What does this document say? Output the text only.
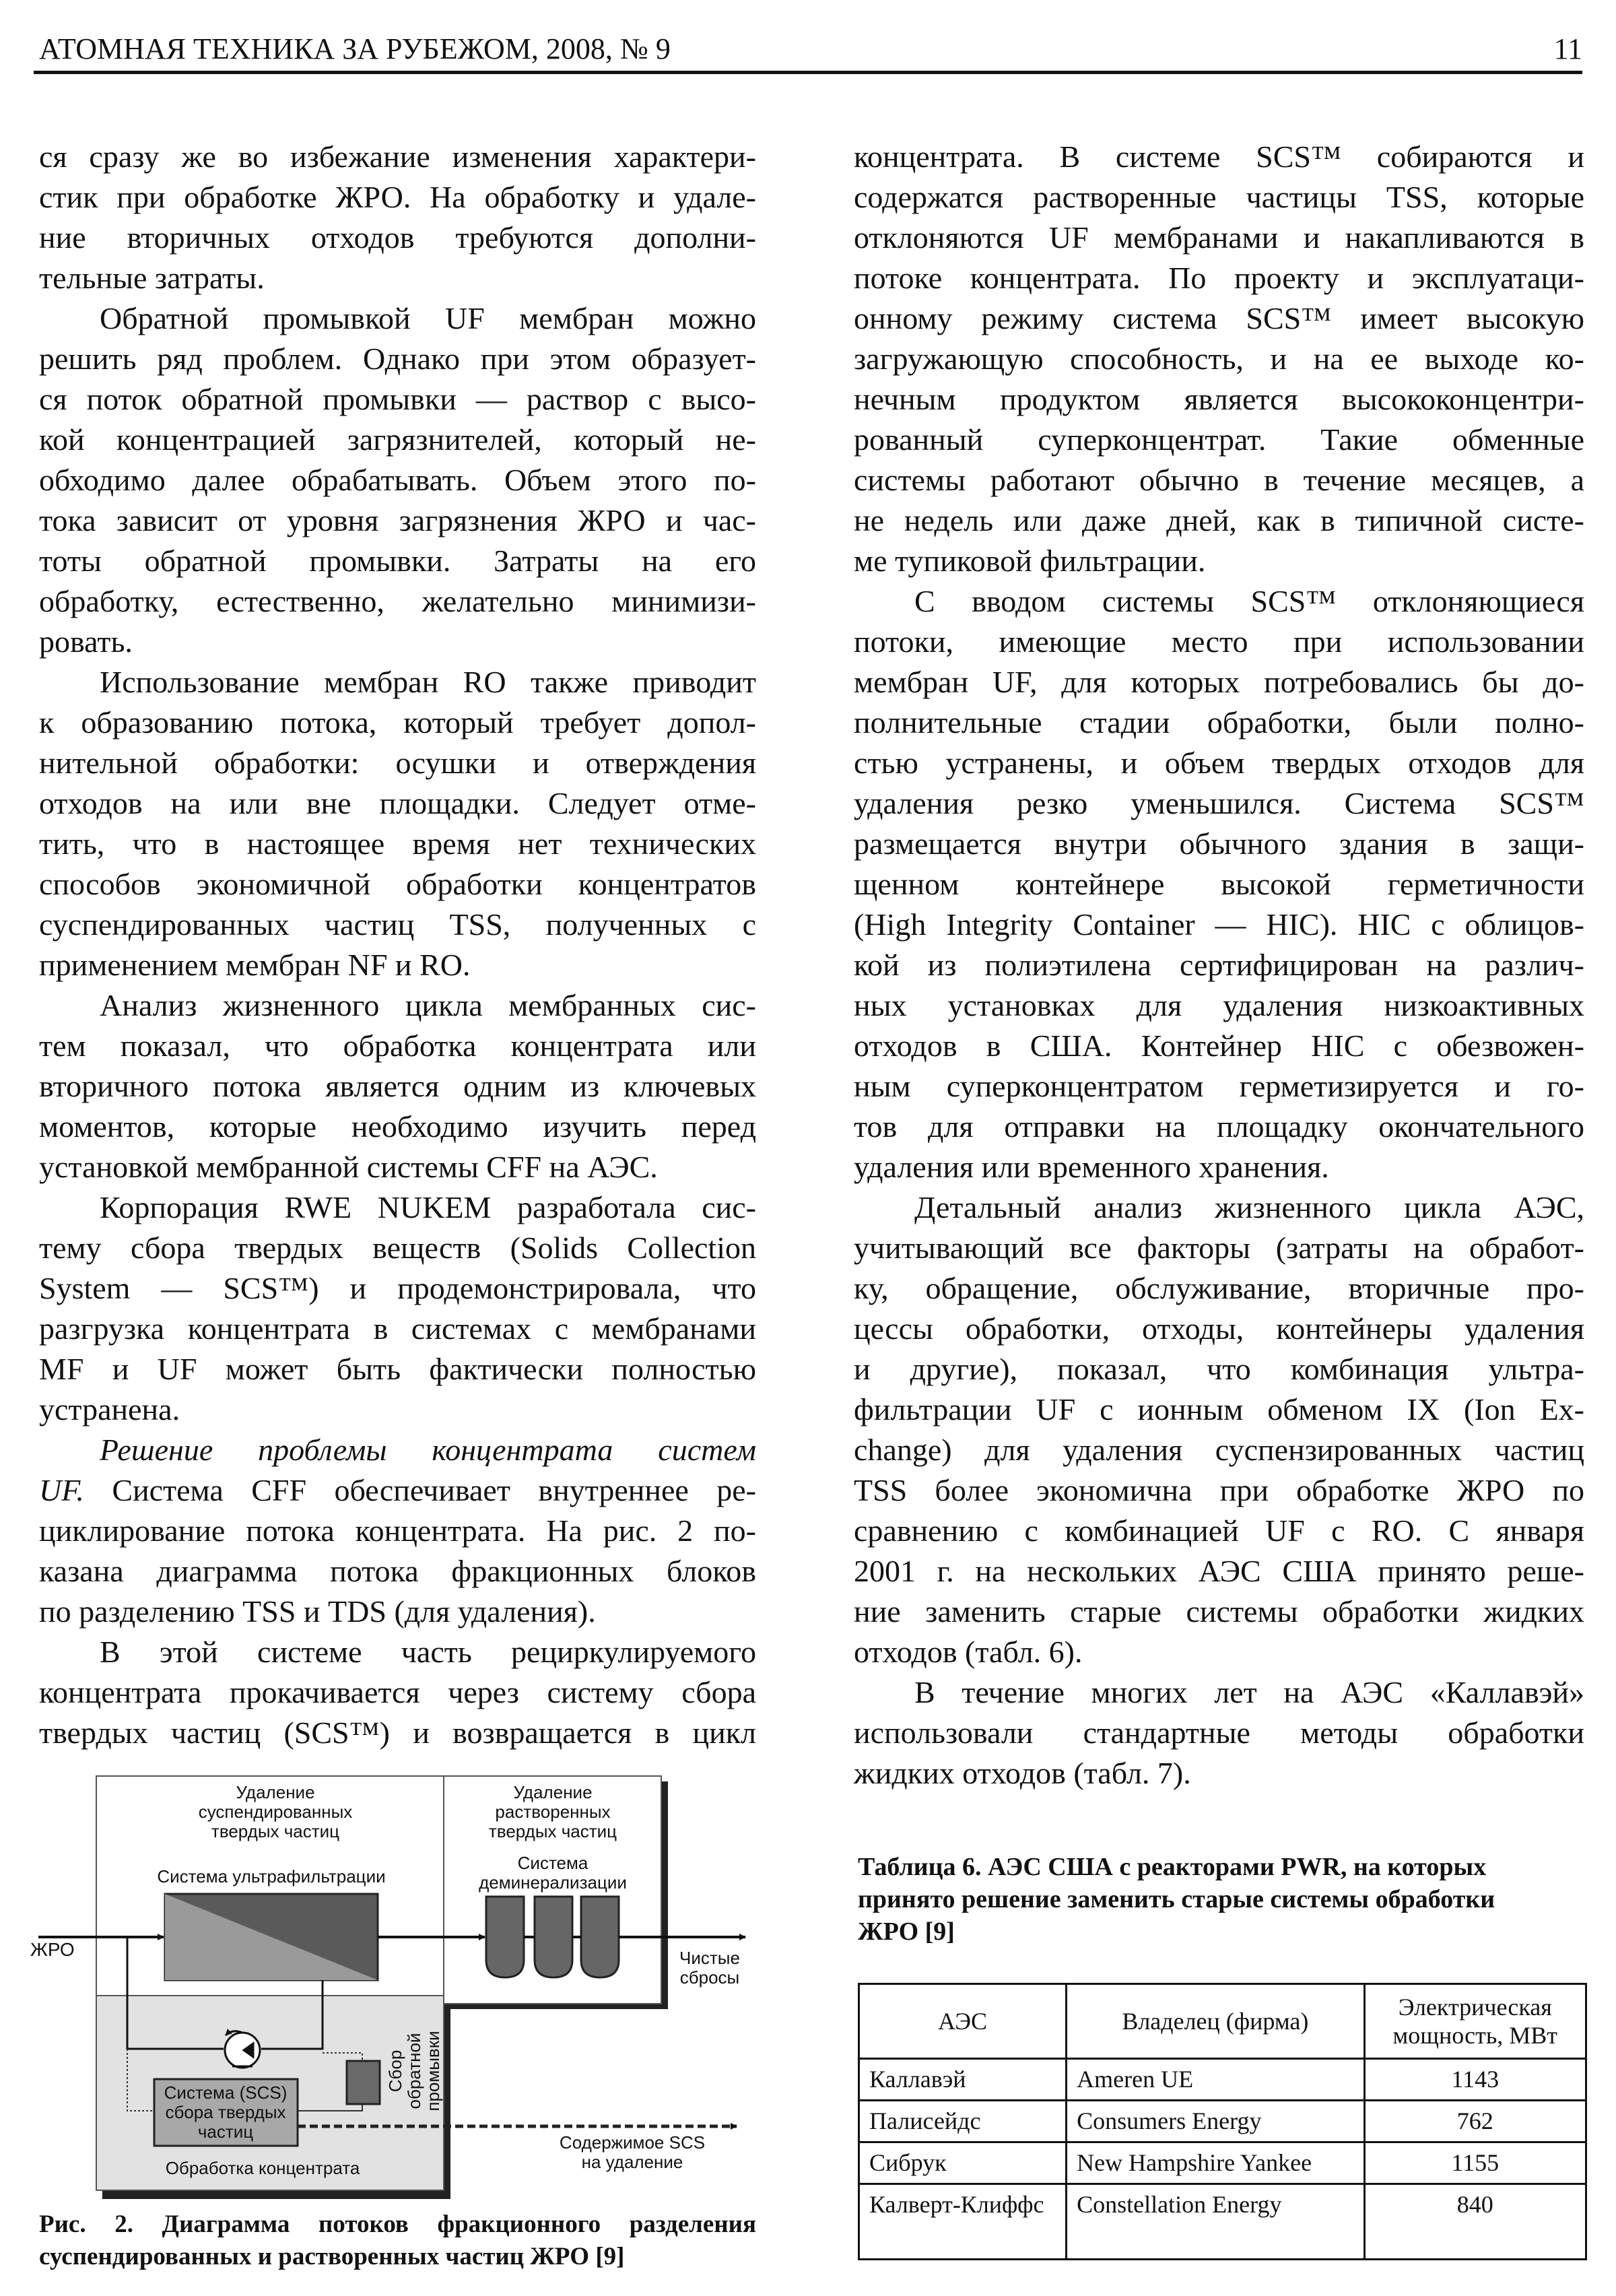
АТОМНАЯ ТЕХНИКА ЗА РУБЕЖОМ, 2008, № 9	11
ся сразу же во избежание изменения характери-
стик при обработке ЖРО. На обработку и удале-
ние вторичных отходов требуются дополни-
тельные затраты.
Обратной промывкой UF мембран можно
решить ряд проблем. Однако при этом образует-
ся поток обратной промывки — раствор с высо-
кой концентрацией загрязнителей, который не-
обходимо далее обрабатывать. Объем этого по-
тока зависит от уровня загрязнения ЖРО и час-
тоты обратной промывки. Затраты на его
обработку, естественно, желательно минимизи-
ровать.
Использование мембран RO также приводит
к образованию потока, который требует допол-
нительной обработки: осушки и отверждения
отходов на или вне площадки. Следует отме-
тить, что в настоящее время нет технических
способов экономичной обработки концентратов
суспендированных частиц TSS, полученных с
применением мембран NF и RO.
Анализ жизненного цикла мембранных сис-
тем показал, что обработка концентрата или
вторичного потока является одним из ключевых
моментов, которые необходимо изучить перед
установкой мембранной системы CFF на АЭС.
Корпорация RWE NUKEM разработала сис-
тему сбора твердых веществ (Solids Collection
System — SCS™) и продемонстрировала, что
разгрузка концентрата в системах с мембранами
MF и UF может быть фактически полностью
устранена.
Решение проблемы концентрата систем
UF. Система CFF обеспечивает внутреннее ре-
циклирование потока концентрата. На рис. 2 по-
казана диаграмма потока фракционных блоков
по разделению TSS и TDS (для удаления).
В этой системе часть рециркулируемого
концентрата прокачивается через систему сбора
твердых частиц (SCS™) и возвращается в цикл
концентрата. В системе SCS™ собираются и
содержатся растворенные частицы TSS, которые
отклоняются UF мембранами и накапливаются в
потоке концентрата. По проекту и эксплуатаци-
онному режиму система SCS™ имеет высокую
загружающую способность, и на ее выходе ко-
нечным продуктом является высококонцентри-
рованный суперконцентрат. Такие обменные
системы работают обычно в течение месяцев, а
не недель или даже дней, как в типичной систе-
ме тупиковой фильтрации.
С вводом системы SCS™ отклоняющиеся
потоки, имеющие место при использовании
мембран UF, для которых потребовались бы до-
полнительные стадии обработки, были полно-
стью устранены, и объем твердых отходов для
удаления резко уменьшился. Система SCS™
размещается внутри обычного здания в защи-
щенном контейнере высокой герметичности
(High Integrity Container — HIC). HIC с облицов-
кой из полиэтилена сертифицирован на различ-
ных установках для удаления низкоактивных
отходов в США. Контейнер HIC с обезвожен-
ным суперконцентратом герметизируется и го-
тов для отправки на площадку окончательного
удаления или временного хранения.
Детальный анализ жизненного цикла АЭС,
учитывающий все факторы (затраты на обработ-
ку, обращение, обслуживание, вторичные про-
цессы обработки, отходы, контейнеры удаления
и другие), показал, что комбинация ультра-
фильтрации UF с ионным обменом IX (Ion Ex-
change) для удаления суспензированных частиц
TSS более экономична при обработке ЖРО по
сравнению с комбинацией UF с RO. С января
2001 г. на нескольких АЭС США принято реше-
ние заменить старые системы обработки жидких
отходов (табл. 6).
В течение многих лет на АЭС «Каллавэй»
использовали стандартные методы обработки
жидких отходов (табл. 7).
ЖРО
Удаление
суспендированных
твердых частиц
Удаление
растворенных
твердых частиц
Система ультрафильтрации
Система
деминерализации
Чистые
сбросы
Система (SCS)
сбора твердых
частиц
Сбор
обратной
промывки
Содержимое SCS
на удаление
Обработка концентрата
Рис. 2. Диаграмма потоков фракционного разделения
суспендированных и растворенных частиц ЖРО [9]
Таблица 6. АЭС США с реакторами PWR, на которых
принято решение заменить старые системы обработки
ЖРО [9]
АЭС	Владелец (фирма)	Электрическая мощность, МВт
Каллавэй	Ameren UE	1143
Палисейдс	Consumers Energy	762
Сибрук	New Hampshire Yankee	1155
Калверт-Клиффс	Constellation Energy	840
